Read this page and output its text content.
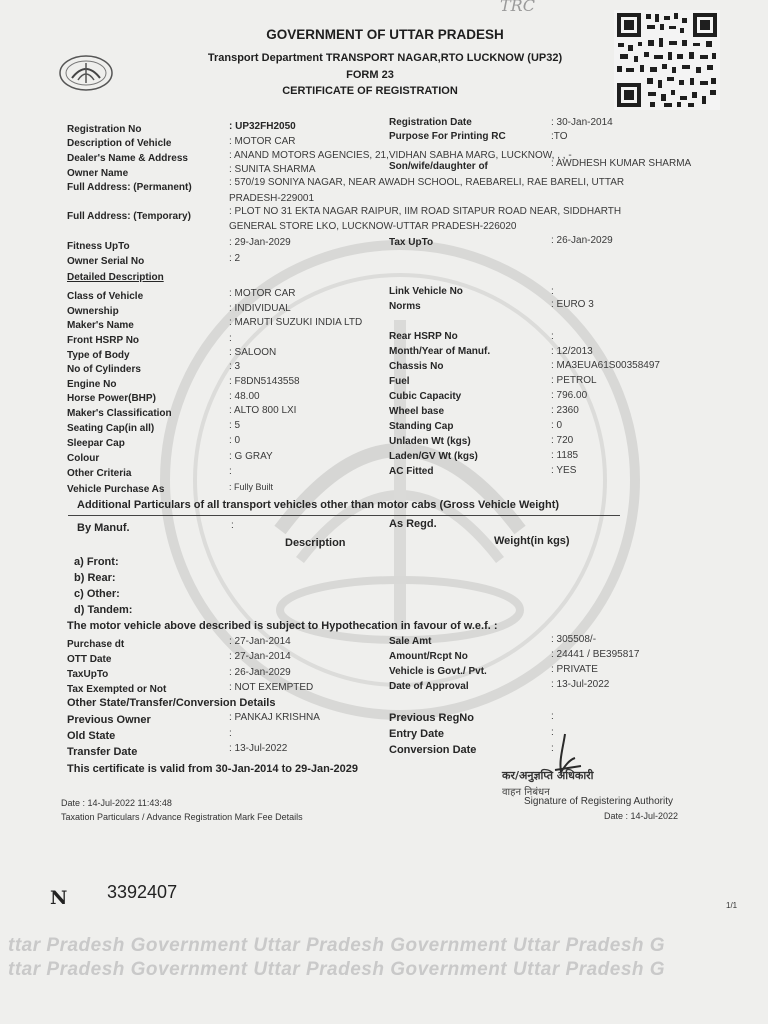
TRC
GOVERNMENT OF UTTAR PRADESH
Transport Department TRANSPORT NAGAR,RTO LUCKNOW (UP32)
FORM 23
CERTIFICATE OF REGISTRATION
Registration No	: UP32FH2050	Registration Date	: 30-Jan-2014
Description of Vehicle	: MOTOR CAR	Purpose For Printing RC	:TO
Dealer's Name & Address	: ANAND MOTORS AGENCIES, 21,VIDHAN SABHA MARG, LUCKNOW, , , -
Owner Name	: SUNITA SHARMA	Son/wife/daughter of	: AWDHESH KUMAR SHARMA
Full Address: (Permanent)	: 570/19 SONIYA NAGAR, NEAR AWADH SCHOOL, RAEBARELI, RAE BARELI, UTTAR
PRADESH-229001
Full Address: (Temporary)	: PLOT NO 31 EKTA NAGAR RAIPUR, IIM ROAD SITAPUR ROAD NEAR, SIDDHARTH
GENERAL STORE LKO, LUCKNOW-UTTAR PRADESH-226020
Fitness UpTo	: 29-Jan-2029	Tax UpTo	: 26-Jan-2029
Owner Serial No	: 2
Detailed Description
Class of Vehicle	: MOTOR CAR
Ownership	: INDIVIDUAL
Maker's Name	: MARUTI SUZUKI INDIA LTD
Front HSRP No	:
Type of Body	: SALOON
No of Cylinders	: 3
Engine No	: F8DN5143558
Horse Power(BHP)	: 48.00
Maker's Classification	: ALTO 800 LXI
Seating Cap(in all)	: 5
Sleepar Cap	: 0
Colour	: G GRAY
Other Criteria	:
Vehicle Purchase As	: Fully Built
Link Vehicle No	:
Norms	: EURO 3
Rear HSRP No	:
Month/Year of Manuf.	: 12/2013
Chassis No	: MA3EUA61S00358497
Fuel	: PETROL
Cubic Capacity	: 796.00
Wheel base	: 2360
Standing Cap	: 0
Unladen Wt (kgs)	: 720
Laden/GV Wt (kgs)	: 1185
AC Fitted	: YES
Additional Particulars of all transport vehicles other than motor cabs (Gross Vehicle Weight)
By Manuf.	:	As Regd.
Description	Weight(in kgs)
a) Front:
b) Rear:
c) Other:
d) Tandem:
The motor vehicle above described is subject to Hypothecation in favour of w.e.f. :
Purchase dt	: 27-Jan-2014
OTT Date	: 27-Jan-2014
TaxUpTo	: 26-Jan-2029
Tax Exempted or Not	: NOT EXEMPTED
Sale Amt	: 305508/-
Amount/Rcpt No	: 24441 / BE395817
Vehicle is Govt./ Pvt.	: PRIVATE
Date of Approval	: 13-Jul-2022
Other State/Transfer/Conversion Details
Previous Owner	: PANKAJ KRISHNA
Old State	:
Transfer Date	: 13-Jul-2022
Previous RegNo	:
Entry Date	:
Conversion Date	:
This certificate is valid from 30-Jan-2014 to 29-Jan-2029	कर/अनुज्ञप्ति अधिकारी
वाहन निबंधन
Signature of Registering Authority
Date : 14-Jul-2022
Date : 14-Jul-2022 11:43:48
Taxation Particulars / Advance Registration Mark Fee Details
N 3392407
1/1
ttar Pradesh Government Uttar Pradesh Government Uttar Pradesh G
ttar Pradesh Government Uttar Pradesh Government Uttar Pradesh G
